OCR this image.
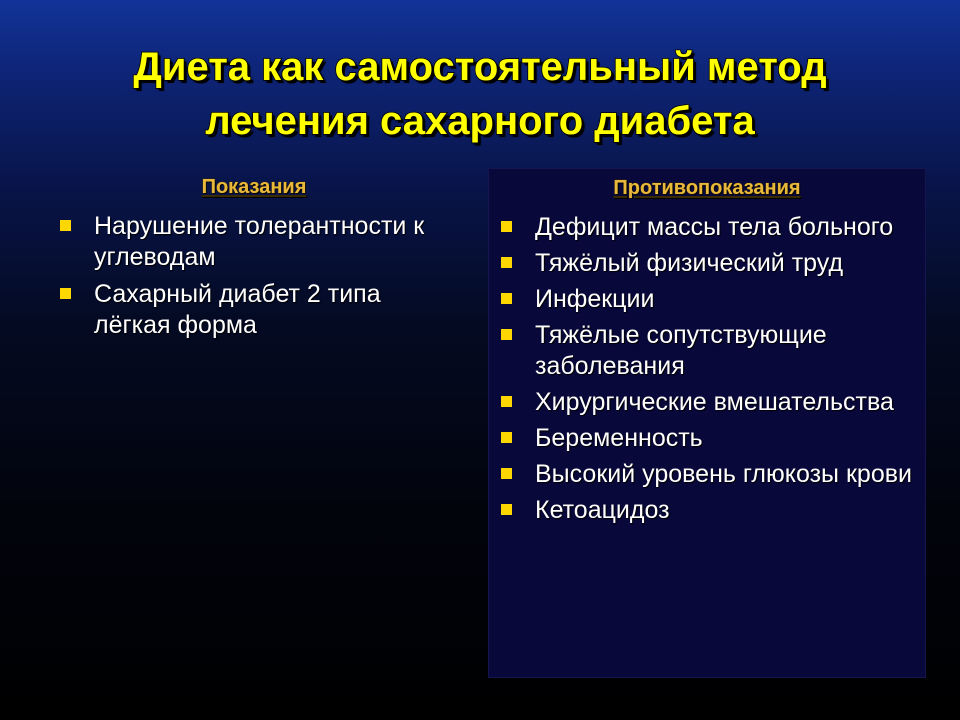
Диета как самостоятельный метод
лечения сахарного диабета
Показания
Нарушение толерантности к углеводам
Сахарный диабет 2 типа лёгкая форма
Противопоказания
Дефицит массы тела больного
Тяжёлый физический труд
Инфекции
Тяжёлые сопутствующие заболевания
Хирургические вмешательства
Беременность
Высокий уровень глюкозы крови
Кетоацидоз
